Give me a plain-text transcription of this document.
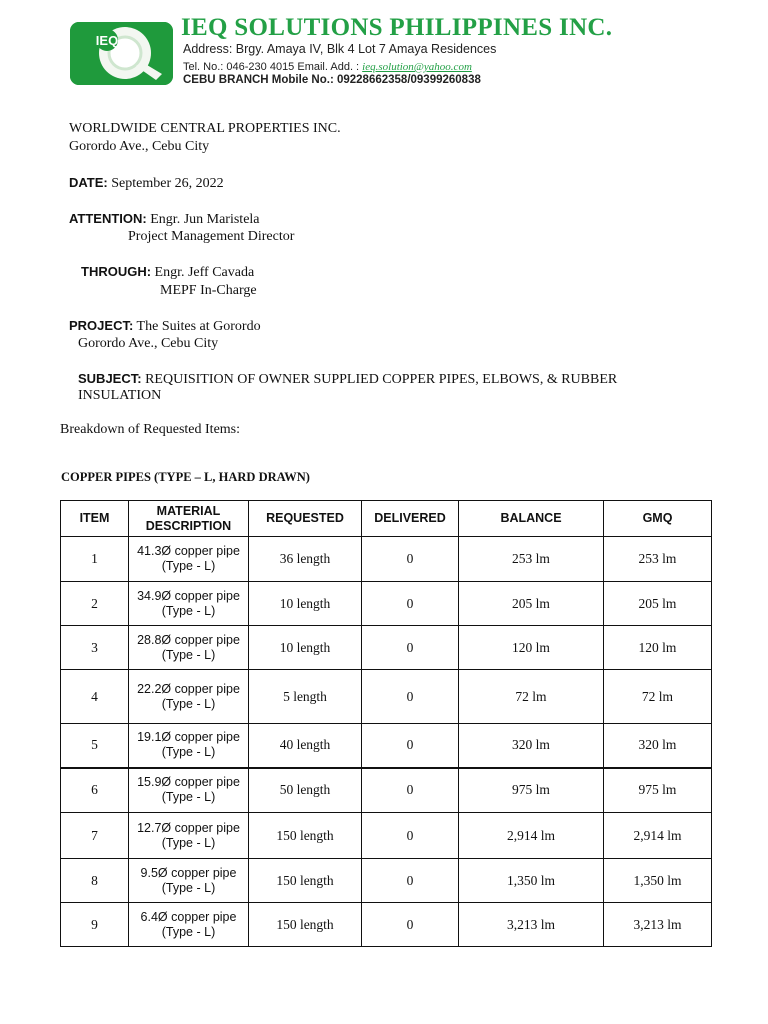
IEQ	IEQ SOLUTIONS PHILIPPINES INC.
Address: Brgy. Amaya IV, Blk 4 Lot 7 Amaya Residences
Tel. No.: 046-230 4015 Email. Add. : ieq.solution@yahoo.com
CEBU BRANCH Mobile No.: 09228662358/09399260838
WORLDWIDE CENTRAL PROPERTIES INC.
Gorordo Ave., Cebu City
DATE: September 26, 2022
ATTENTION: Engr. Jun Maristela
Project Management Director
THROUGH: Engr. Jeff Cavada
MEPF In-Charge
PROJECT: The Suites at Gorordo
Gorordo Ave., Cebu City
SUBJECT: REQUISITION OF OWNER SUPPLIED COPPER PIPES, ELBOWS, & RUBBER
INSULATION
Breakdown of Requested Items:
COPPER PIPES (TYPE – L, HARD DRAWN)
ITEM	MATERIAL DESCRIPTION	REQUESTED	DELIVERED	BALANCE	GMQ
1	41.3Ø copper pipe (Type - L)	36 length	0	253 lm	253 lm
2	34.9Ø copper pipe (Type - L)	10 length	0	205 lm	205 lm
3	28.8Ø copper pipe (Type - L)	10 length	0	120 lm	120 lm
4	22.2Ø copper pipe (Type - L)	5 length	0	72 lm	72 lm
5	19.1Ø copper pipe (Type - L)	40 length	0	320 lm	320 lm
6	15.9Ø copper pipe (Type - L)	50 length	0	975 lm	975 lm
7	12.7Ø copper pipe (Type - L)	150 length	0	2,914 lm	2,914 lm
8	9.5Ø copper pipe (Type - L)	150 length	0	1,350 lm	1,350 lm
9	6.4Ø copper pipe (Type - L)	150 length	0	3,213 lm	3,213 lm
